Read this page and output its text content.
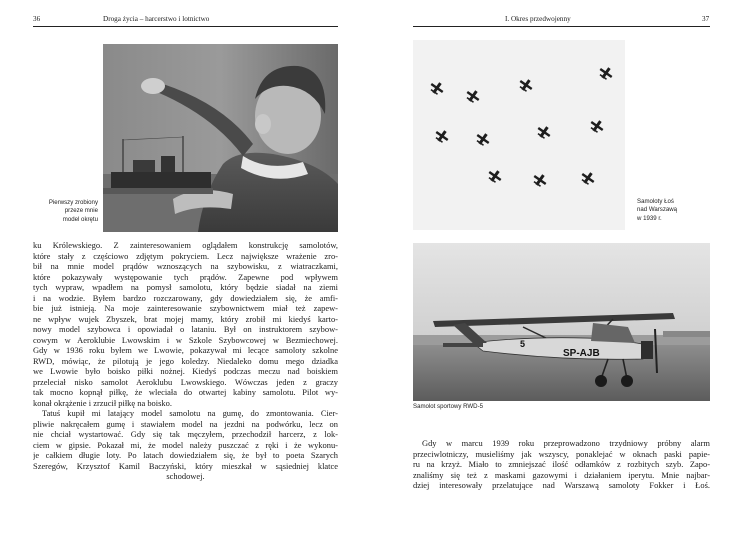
36	Droga życia – harcerstwo i lotnictwo
Pierwszy zrobiony
przeze mnie
model okrętu
ku Królewskiego. Z zainteresowaniem oglądałem konstrukcję samolotów,
które stały z częściowo zdjętym pokryciem. Lecz największe wrażenie zro-
bił na mnie model prądów wznoszących na szybowisku, z wiatraczkami,
które pokazywały występowanie tych prądów. Zapewne pod wpływem
tych wypraw, wpadłem na pomysł samolotu, który będzie siadał na ziemi
i na wodzie. Byłem bardzo rozczarowany, gdy dowiedziałem się, że amfi-
bie już istnieją. Na moje zainteresowanie szybownictwem miał też zapew-
ne wpływ wujek Zbyszek, brat mojej mamy, który zrobił mi kiedyś karto-
nowy model szybowca i opowiadał o lataniu. Był on instruktorem szybow-
cowym w Aeroklubie Lwowskim i w Szkole Szybowcowej w Bezmiechowej.
Gdy w 1936 roku byłem we Lwowie, pokazywał mi lecące samoloty szkolne
RWD, mówiąc, że pilotują je jego koledzy. Niedaleko domu mego dziadka
we Lwowie było boisko piłki nożnej. Kiedyś podczas meczu nad boiskiem
przeleciał nisko samolot Aeroklubu Lwowskiego. Wówczas jeden z graczy
tak mocno kopnął piłkę, że wleciała do otwartej kabiny samolotu. Pilot wy-
konał okrążenie i zrzucił piłkę na boisko.
Tatuś kupił mi latający model samolotu na gumę, do zmontowania. Cier-
pliwie nakręcałem gumę i stawiałem model na jezdni na podwórku, lecz on
nie chciał wystartować. Gdy się tak męczyłem, przechodził harcerz, z lok-
ciem w gipsie. Pokazał mi, że model należy puszczać z ręki i że wykonu-
je całkiem długie loty. Po latach dowiedziałem się, że był to poeta Szarych
Szeregów, Krzysztof Kamil Baczyński, który mieszkał w sąsiedniej klatce
schodowej.
I. Okres przedwojenny	37
Samoloty Łoś
nad Warszawą
w 1939 r.
SP-AJB
5
Samolot sportowy RWD-5
Gdy w marcu 1939 roku przeprowadzono trzydniowy próbny alarm
przeciwlotniczy, musieliśmy jak wszyscy, ponaklejać w oknach paski papie-
ru na krzyż. Miało to zmniejszać ilość odłamków z rozbitych szyb. Zapo-
znaliśmy się też z maskami gazowymi i działaniem iperytu. Mnie najbar-
dziej interesowały przelatujące nad Warszawą samoloty Fokker i Łoś.
